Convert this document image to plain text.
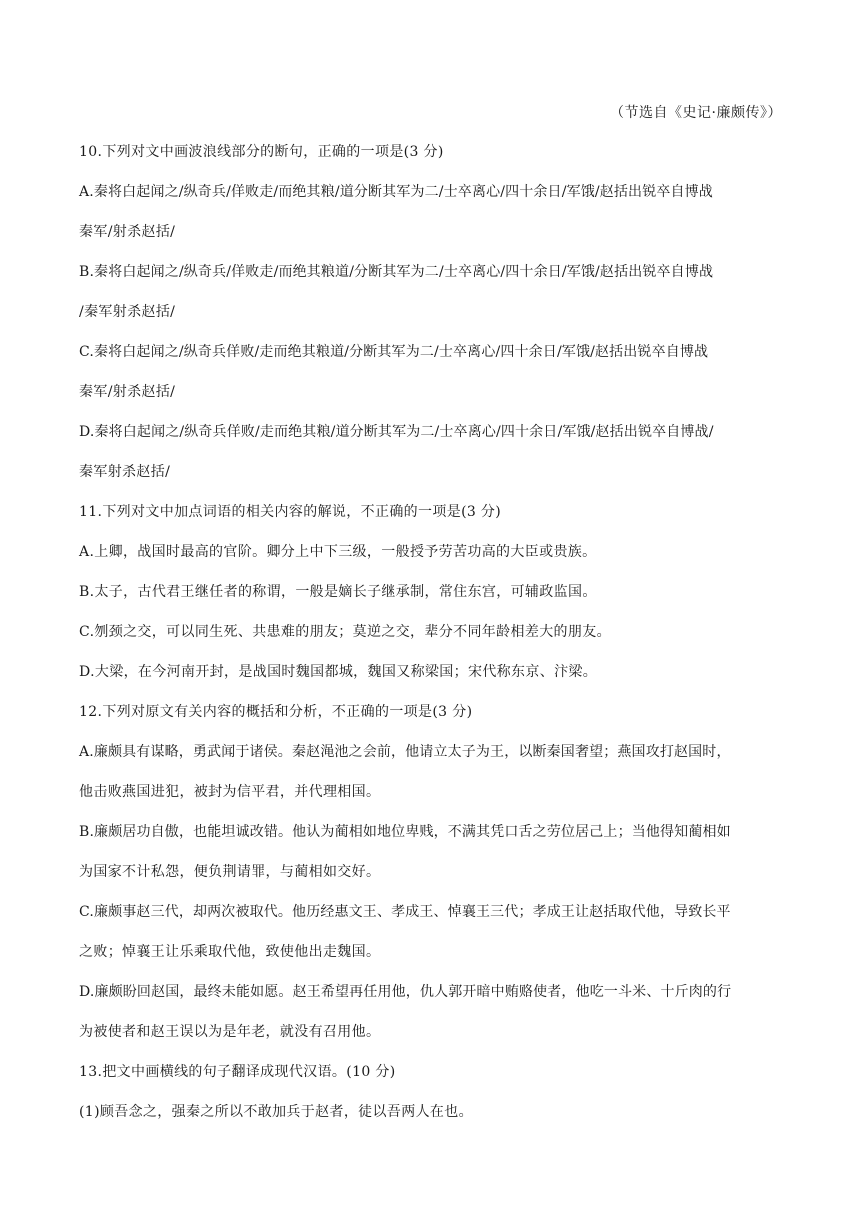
（节选自《史记·廉颇传》）
10.下列对文中画波浪线部分的断句，正确的一项是(3 分)
A.秦将白起闻之/纵奇兵/佯败走/而绝其粮/道分断其军为二/士卒离心/四十余日/军饿/赵括出锐卒自博战
秦军/射杀赵括/
B.秦将白起闻之/纵奇兵/佯败走/而绝其粮道/分断其军为二/士卒离心/四十余日/军饿/赵括出锐卒自博战
/秦军射杀赵括/
C.秦将白起闻之/纵奇兵佯败/走而绝其粮道/分断其军为二/士卒离心/四十余日/军饿/赵括出锐卒自博战
秦军/射杀赵括/
D.秦将白起闻之/纵奇兵佯败/走而绝其粮/道分断其军为二/士卒离心/四十余日/军饿/赵括出锐卒自博战/
秦军射杀赵括/
11.下列对文中加点词语的相关内容的解说，不正确的一项是(3 分)
A.上卿，战国时最高的官阶。卿分上中下三级，一般授予劳苦功高的大臣或贵族。
B.太子，古代君王继任者的称谓，一般是嫡长子继承制，常住东宫，可辅政监国。
C.刎颈之交，可以同生死、共患难的朋友；莫逆之交，辈分不同年龄相差大的朋友。
D.大梁，在今河南开封，是战国时魏国都城，魏国又称梁国；宋代称东京、汴梁。
12.下列对原文有关内容的概括和分析，不正确的一项是(3 分)
A.廉颇具有谋略，勇武闻于诸侯。秦赵渑池之会前，他请立太子为王，以断秦国奢望；燕国攻打赵国时，
他击败燕国进犯，被封为信平君，并代理相国。
B.廉颇居功自傲，也能坦诚改错。他认为蔺相如地位卑贱，不满其凭口舌之劳位居己上；当他得知蔺相如
为国家不计私怨，便负荆请罪，与蔺相如交好。
C.廉颇事赵三代，却两次被取代。他历经惠文王、孝成王、悼襄王三代；孝成王让赵括取代他，导致长平
之败；悼襄王让乐乘取代他，致使他出走魏国。
D.廉颇盼回赵国，最终未能如愿。赵王希望再任用他，仇人郭开暗中贿赂使者，他吃一斗米、十斤肉的行
为被使者和赵王误以为是年老，就没有召用他。
13.把文中画横线的句子翻译成现代汉语。(10 分)
(1)顾吾念之，强秦之所以不敢加兵于赵者，徒以吾两人在也。
